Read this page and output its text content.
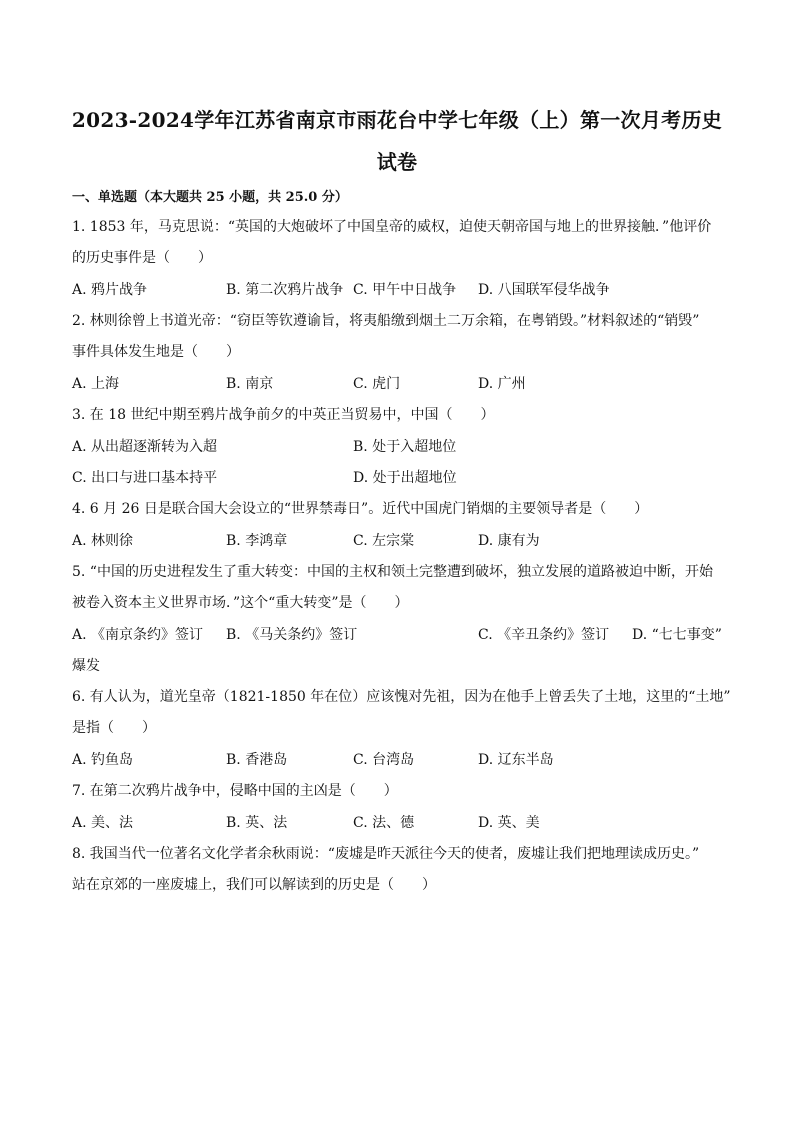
2023-2024学年江苏省南京市雨花台中学七年级（上）第一次月考历史
试卷
一、单选题（本大题共 25 小题，共 25.0 分）
1. 1853 年，马克思说：“英国的大炮破坏了中国皇帝的威权，迫使天朝帝国与地上的世界接触．”他评价
的历史事件是（　　）
A. 鸦片战争	B. 第二次鸦片战争 C. 甲午中日战争 D. 八国联军侵华战争
2. 林则徐曾上书道光帝：“窃臣等钦遵谕旨，将夷船缴到烟土二万余箱，在粤销毁。”材料叙述的“销毁”
事件具体发生地是（　　）
A. 上海	B. 南京	C. 虎门	D. 广州
3. 在 18 世纪中期至鸦片战争前夕的中英正当贸易中，中国（　　）
A. 从出超逐渐转为入超	B. 处于入超地位
C. 出口与进口基本持平	D. 处于出超地位
4. 6 月 26 日是联合国大会设立的“世界禁毒日”。近代中国虎门销烟的主要领导者是（　　）
A. 林则徐	B. 李鸿章	C. 左宗棠	D. 康有为
5. “中国的历史进程发生了重大转变：中国的主权和领土完整遭到破坏，独立发展的道路被迫中断，开始
被卷入资本主义世界市场．”这个“重大转变”是（　　）
A. 《南京条约》签订 B. 《马关条约》签订	C. 《辛丑条约》签订 D. “七七事变”
爆发
6. 有人认为，道光皇帝（1821-1850 年在位）应该愧对先祖，因为在他手上曾丢失了土地，这里的“土地”
是指（　　）
A. 钓鱼岛	B. 香港岛	C. 台湾岛	D. 辽东半岛
7. 在第二次鸦片战争中，侵略中国的主凶是（　　）
A. 美、法	B. 英、法	C. 法、德	D. 英、美
8. 我国当代一位著名文化学者余秋雨说：“废墟是昨天派往今天的使者，废墟让我们把地理读成历史。”
站在京郊的一座废墟上，我们可以解读到的历史是（　　）
